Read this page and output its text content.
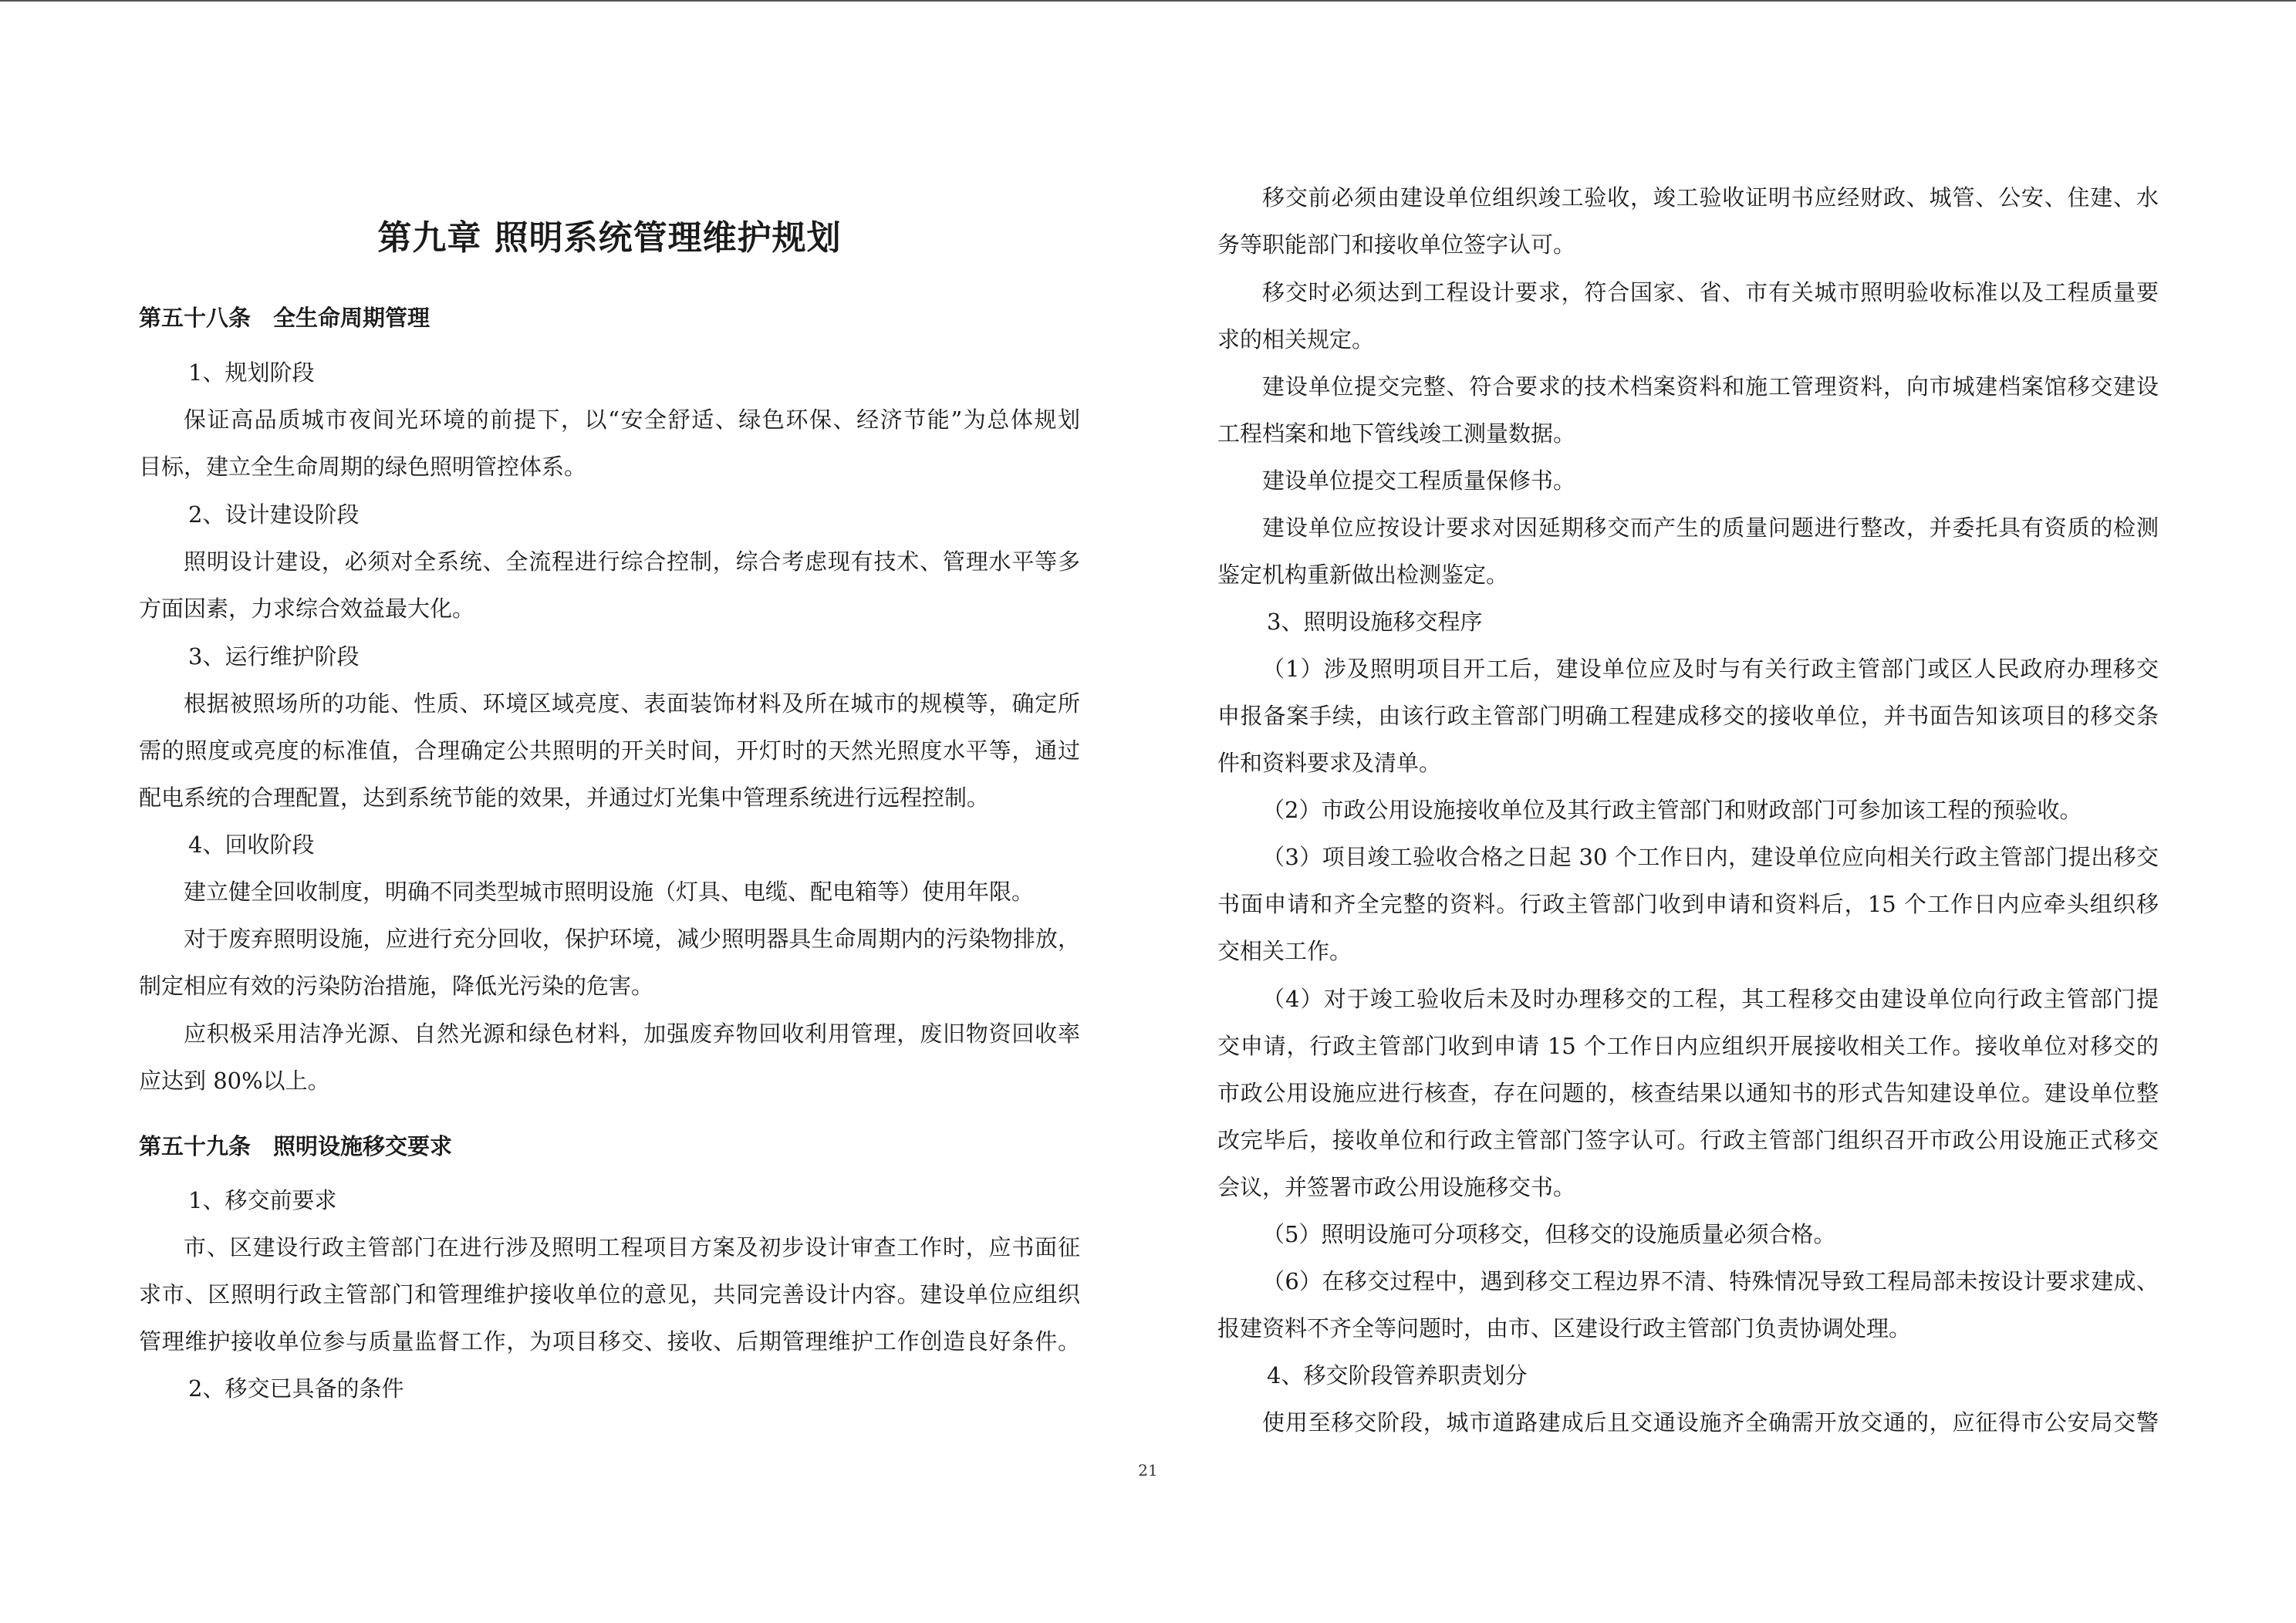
第九章 照明系统管理维护规划

第五十八条　全生命周期管理

1、规划阶段

保证高品质城市夜间光环境的前提下，以“安全舒适、绿色环保、经济节能”为总体规划

目标，建立全生命周期的绿色照明管控体系。

2、设计建设阶段

照明设计建设，必须对全系统、全流程进行综合控制，综合考虑现有技术、管理水平等多

方面因素，力求综合效益最大化。

3、运行维护阶段

根据被照场所的功能、性质、环境区域亮度、表面装饰材料及所在城市的规模等，确定所

需的照度或亮度的标准值，合理确定公共照明的开关时间，开灯时的天然光照度水平等，通过

配电系统的合理配置，达到系统节能的效果，并通过灯光集中管理系统进行远程控制。

4、回收阶段

建立健全回收制度，明确不同类型城市照明设施（灯具、电缆、配电箱等）使用年限。

对于废弃照明设施，应进行充分回收，保护环境，减少照明器具生命周期内的污染物排放，

制定相应有效的污染防治措施，降低光污染的危害。

应积极采用洁净光源、自然光源和绿色材料，加强废弃物回收利用管理，废旧物资回收率

应达到 80%以上。

第五十九条　照明设施移交要求

1、移交前要求

市、区建设行政主管部门在进行涉及照明工程项目方案及初步设计审查工作时，应书面征

求市、区照明行政主管部门和管理维护接收单位的意见，共同完善设计内容。建设单位应组织

管理维护接收单位参与质量监督工作，为项目移交、接收、后期管理维护工作创造良好条件。

2、移交已具备的条件

移交前必须由建设单位组织竣工验收，竣工验收证明书应经财政、城管、公安、住建、水

务等职能部门和接收单位签字认可。

移交时必须达到工程设计要求，符合国家、省、市有关城市照明验收标准以及工程质量要

求的相关规定。

建设单位提交完整、符合要求的技术档案资料和施工管理资料，向市城建档案馆移交建设

工程档案和地下管线竣工测量数据。

建设单位提交工程质量保修书。

建设单位应按设计要求对因延期移交而产生的质量问题进行整改，并委托具有资质的检测

鉴定机构重新做出检测鉴定。

3、照明设施移交程序

（1）涉及照明项目开工后，建设单位应及时与有关行政主管部门或区人民政府办理移交

申报备案手续，由该行政主管部门明确工程建成移交的接收单位，并书面告知该项目的移交条

件和资料要求及清单。

（2）市政公用设施接收单位及其行政主管部门和财政部门可参加该工程的预验收。

（3）项目竣工验收合格之日起 30 个工作日内，建设单位应向相关行政主管部门提出移交

书面申请和齐全完整的资料。行政主管部门收到申请和资料后，15 个工作日内应牵头组织移

交相关工作。

（4）对于竣工验收后未及时办理移交的工程，其工程移交由建设单位向行政主管部门提

交申请，行政主管部门收到申请 15 个工作日内应组织开展接收相关工作。接收单位对移交的

市政公用设施应进行核查，存在问题的，核查结果以通知书的形式告知建设单位。建设单位整

改完毕后，接收单位和行政主管部门签字认可。行政主管部门组织召开市政公用设施正式移交

会议，并签署市政公用设施移交书。

（5）照明设施可分项移交，但移交的设施质量必须合格。

（6）在移交过程中，遇到移交工程边界不清、特殊情况导致工程局部未按设计要求建成、

报建资料不齐全等问题时，由市、区建设行政主管部门负责协调处理。

4、移交阶段管养职责划分

使用至移交阶段，城市道路建成后且交通设施齐全确需开放交通的，应征得市公安局交警

21
